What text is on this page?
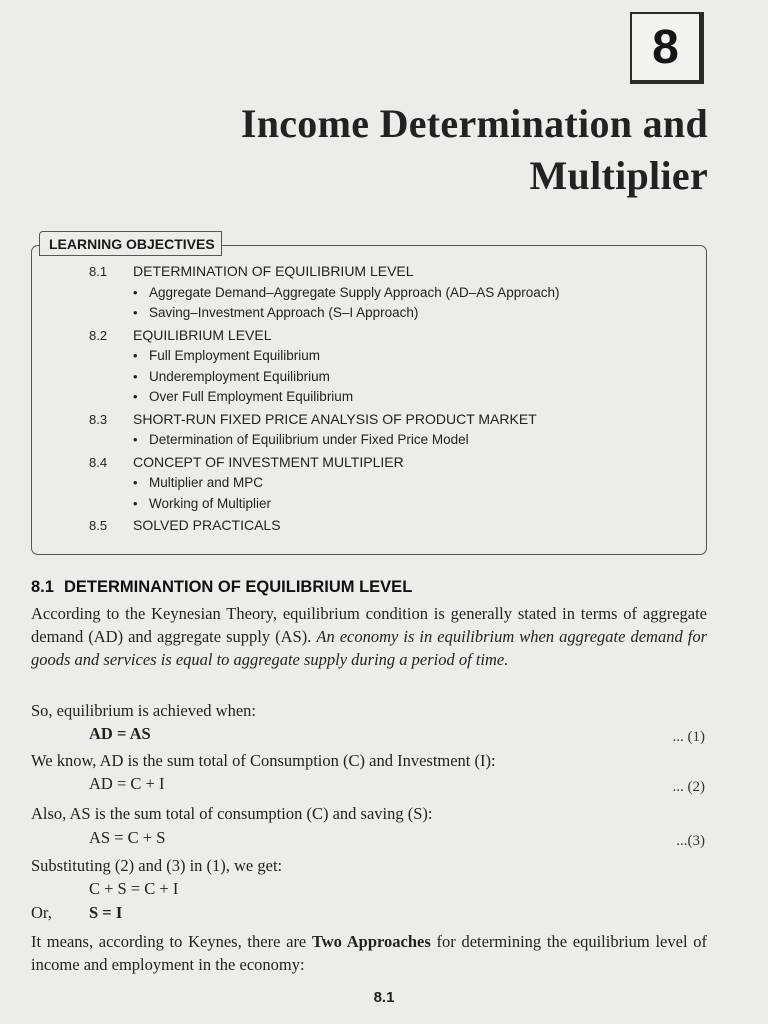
8
Income Determination and
Multiplier
LEARNING OBJECTIVES
8.1 DETERMINATION OF EQUILIBRIUM LEVEL
• Aggregate Demand–Aggregate Supply Approach (AD–AS Approach)
• Saving–Investment Approach (S–I Approach)
8.2 EQUILIBRIUM LEVEL
• Full Employment Equilibrium
• Underemployment Equilibrium
• Over Full Employment Equilibrium
8.3 SHORT-RUN FIXED PRICE ANALYSIS OF PRODUCT MARKET
• Determination of Equilibrium under Fixed Price Model
8.4 CONCEPT OF INVESTMENT MULTIPLIER
• Multiplier and MPC
• Working of Multiplier
8.5 SOLVED PRACTICALS
8.1 DETERMINANTION OF EQUILIBRIUM LEVEL

According to the Keynesian Theory, equilibrium condition is generally stated in terms of aggregate demand (AD) and aggregate supply (AS). An economy is in equilibrium when aggregate demand for goods and services is equal to aggregate supply during a period of time.

So, equilibrium is achieved when:
AD = AS	... (1)
We know, AD is the sum total of Consumption (C) and Investment (I):
AD = C + I	... (2)
Also, AS is the sum total of consumption (C) and saving (S):
AS = C + S	...(3)
Substituting (2) and (3) in (1), we get:
C + S = C + I
Or, S = I

It means, according to Keynes, there are Two Approaches for determining the equilibrium level of income and employment in the economy:

8.1
